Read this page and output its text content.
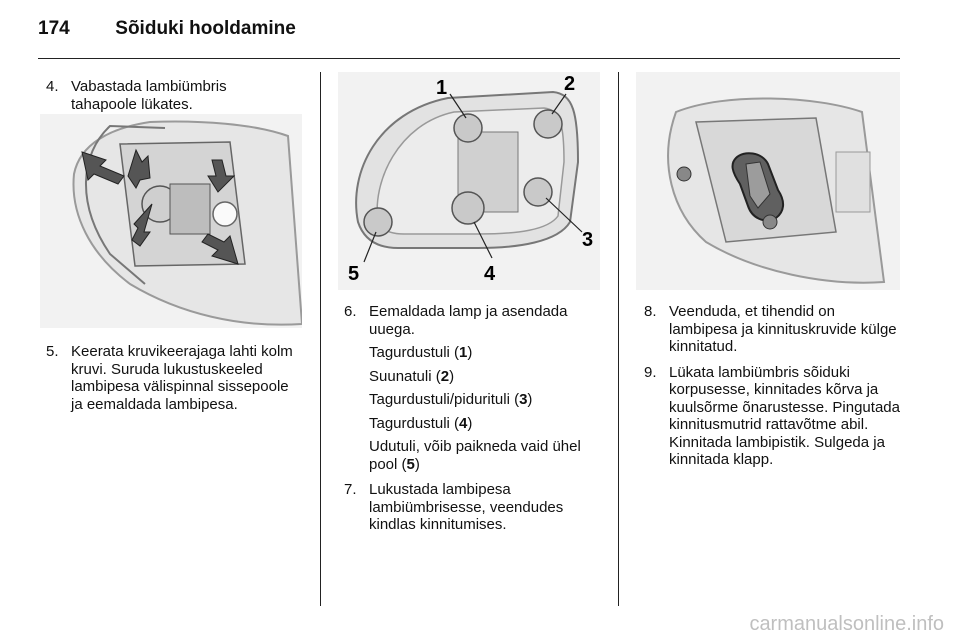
174 Sõiduki hooldamine
4. Vabastada lambiümbris tahapoole lükates.
5. Keerata kruvikeerajaga lahti kolm kruvi. Suruda lukustuskeeled lambipesa välispinnal sissepoole ja eemaldada lambipesa.
1	2
3
4
5
6. Eemaldada lamp ja asendada uuega.
Tagurdustuli (1)
Suunatuli (2)
Tagurdustuli/piduritulі (3)
Tagurdustuli (4)
Udutuli, võib paikneda vaid ühel pool (5)
7. Lukustada lambipesa lambiümbrisesse, veendudes kindlas kinnitumises.
8. Veenduda, et tihendid on lambipesa ja kinnituskruvide külge kinnitatud.
9. Lükata lambiümbris sõiduki korpusesse, kinnitades kõrva ja kuulsõrme õnarustesse. Pingutada kinnitusmutrid rattavõtme abil. Kinnitada lambipistik. Sulgeda ja kinnitada klapp.
carmanualsonline.info
